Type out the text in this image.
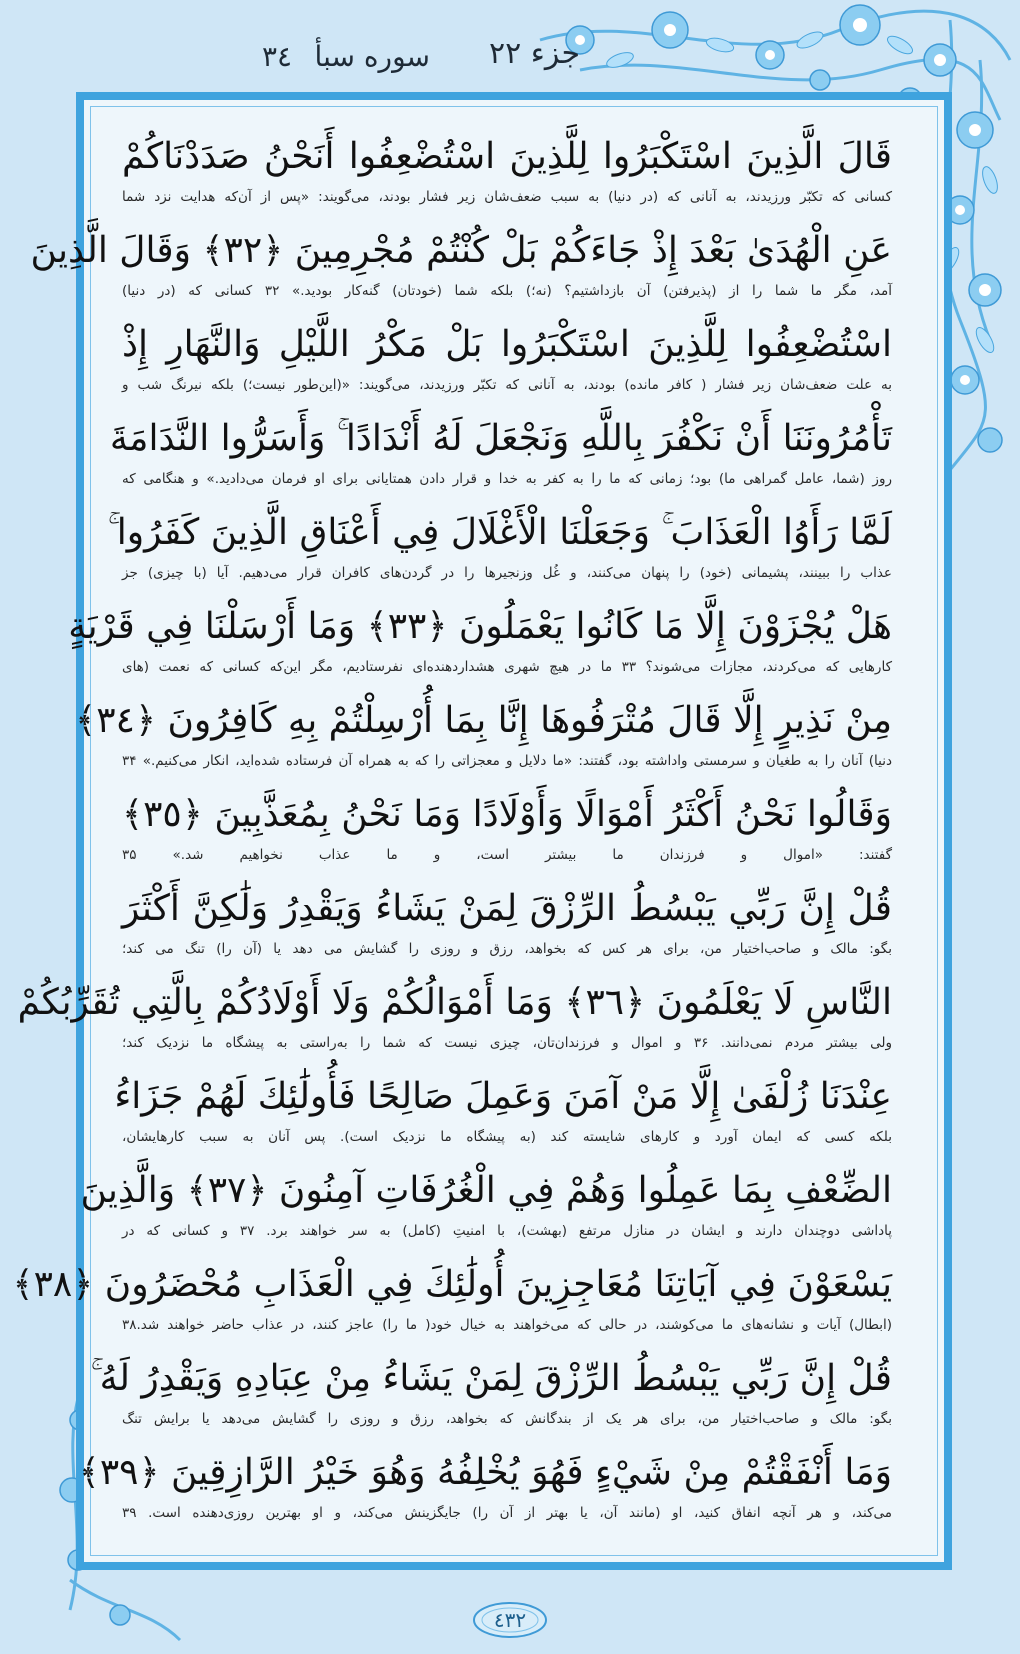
جزء ۲۲
سوره سبأ
۳٤
قَالَ الَّذِينَ اسْتَكْبَرُوا لِلَّذِينَ اسْتُضْعِفُوا أَنَحْنُ صَدَدْنَاكُمْ
کسانی که تکبّر ورزیدند، به آنانی که (در دنیا) به سبب ضعف‌شان زیر فشار بودند، می‌گویند: «پس از آن‌که هدایت نزد شما
عَنِ الْهُدَىٰ بَعْدَ إِذْ جَاءَكُمْ بَلْ كُنْتُمْ مُجْرِمِينَ ﴿٣٢﴾ وَقَالَ الَّذِينَ
آمد، مگر ما شما را از (پذیرفتن) آن بازداشتیم؟ (نه؛) بلکه شما (خودتان) گنه‌کار بودید.» ۳۲ کسانی که (در دنیا)
اسْتُضْعِفُوا لِلَّذِينَ اسْتَكْبَرُوا بَلْ مَكْرُ اللَّيْلِ وَالنَّهَارِ إِذْ
به علت ضعف‌شان زیر فشار ( کافر مانده) بودند، به آنانی که تکبّر ورزیدند، می‌گویند: «(این‌طور نیست؛) بلکه نیرنگ شب و
تَأْمُرُونَنَا أَنْ نَكْفُرَ بِاللَّهِ وَنَجْعَلَ لَهُ أَنْدَادًا ۚ وَأَسَرُّوا النَّدَامَةَ
روز (شما، عامل گمراهی ما) بود؛ زمانی که ما را به کفر به خدا و قرار دادن همتایانی برای او فرمان می‌دادید.» و هنگامی که
لَمَّا رَأَوُا الْعَذَابَ ۚ وَجَعَلْنَا الْأَغْلَالَ فِي أَعْنَاقِ الَّذِينَ كَفَرُوا ۚ
عذاب را ببینند، پشیمانی (خود) را پنهان می‌کنند، و غُل وزنجیرها را در گردن‌های کافران قرار می‌دهیم. آیا (با چیزی) جز
هَلْ يُجْزَوْنَ إِلَّا مَا كَانُوا يَعْمَلُونَ ﴿٣٣﴾ وَمَا أَرْسَلْنَا فِي قَرْيَةٍ
کارهایی که می‌کردند، مجازات می‌شوند؟ ۳۳ ما در هیچ شهری هشداردهنده‌ای نفرستادیم، مگر این‌که کسانی که نعمت (های
مِنْ نَذِيرٍ إِلَّا قَالَ مُتْرَفُوهَا إِنَّا بِمَا أُرْسِلْتُمْ بِهِ كَافِرُونَ ﴿٣٤﴾
دنیا) آنان را به طغیان و سرمستی واداشته بود، گفتند: «ما دلایل و معجزاتی را که به همراه آن فرستاده شده‌اید، انکار می‌کنیم.» ۳۴
وَقَالُوا نَحْنُ أَكْثَرُ أَمْوَالًا وَأَوْلَادًا وَمَا نَحْنُ بِمُعَذَّبِينَ ﴿٣٥﴾
گفتند: «اموال و فرزندان ما بیشتر است، و ما عذاب نخواهیم شد.» ۳۵
قُلْ إِنَّ رَبِّي يَبْسُطُ الرِّزْقَ لِمَنْ يَشَاءُ وَيَقْدِرُ وَلَٰكِنَّ أَكْثَرَ
بگو: مالک و صاحب‌اختیار من، برای هر کس که بخواهد، رزق و روزی را گشایش می دهد یا (آن را) تنگ می کند؛
النَّاسِ لَا يَعْلَمُونَ ﴿٣٦﴾ وَمَا أَمْوَالُكُمْ وَلَا أَوْلَادُكُمْ بِالَّتِي تُقَرِّبُكُمْ
ولی بیشتر مردم نمی‌دانند. ۳۶ و اموال و فرزندان‌تان، چیزی نیست که شما را به‌راستی به پیشگاه ما نزدیک کند؛
عِنْدَنَا زُلْفَىٰ إِلَّا مَنْ آمَنَ وَعَمِلَ صَالِحًا فَأُولَٰئِكَ لَهُمْ جَزَاءُ
بلکه کسی که ایمان آورد و کارهای شایسته کند (به پیشگاه ما نزدیک است). پس آنان به سبب کارهایشان،
الضِّعْفِ بِمَا عَمِلُوا وَهُمْ فِي الْغُرُفَاتِ آمِنُونَ ﴿٣٧﴾ وَالَّذِينَ
پاداشی دوچندان دارند و ایشان در منازل مرتفع (بهشت)، با امنیتِ (کامل) به سر خواهند برد. ۳۷ و کسانی که در
يَسْعَوْنَ فِي آيَاتِنَا مُعَاجِزِينَ أُولَٰئِكَ فِي الْعَذَابِ مُحْضَرُونَ ﴿٣٨﴾
(ابطال) آیات و نشانه‌های ما می‌کوشند، در حالی که می‌خواهند به خیال خود( ما را) عاجز کنند، در عذاب حاضر خواهند شد.۳۸
قُلْ إِنَّ رَبِّي يَبْسُطُ الرِّزْقَ لِمَنْ يَشَاءُ مِنْ عِبَادِهِ وَيَقْدِرُ لَهُ ۚ
بگو: مالک و صاحب‌اختیار من، برای هر یک از بندگانش که بخواهد، رزق و روزی را گشایش می‌دهد یا برایش تنگ
وَمَا أَنْفَقْتُمْ مِنْ شَيْءٍ فَهُوَ يُخْلِفُهُ وَهُوَ خَيْرُ الرَّازِقِينَ ﴿٣٩﴾
می‌کند، و هر آنچه انفاق کنید، او (مانند آن، یا بهتر از آن را) جایگزینش می‌کند، و او بهترین روزی‌دهنده است. ۳۹
٤٣٢
